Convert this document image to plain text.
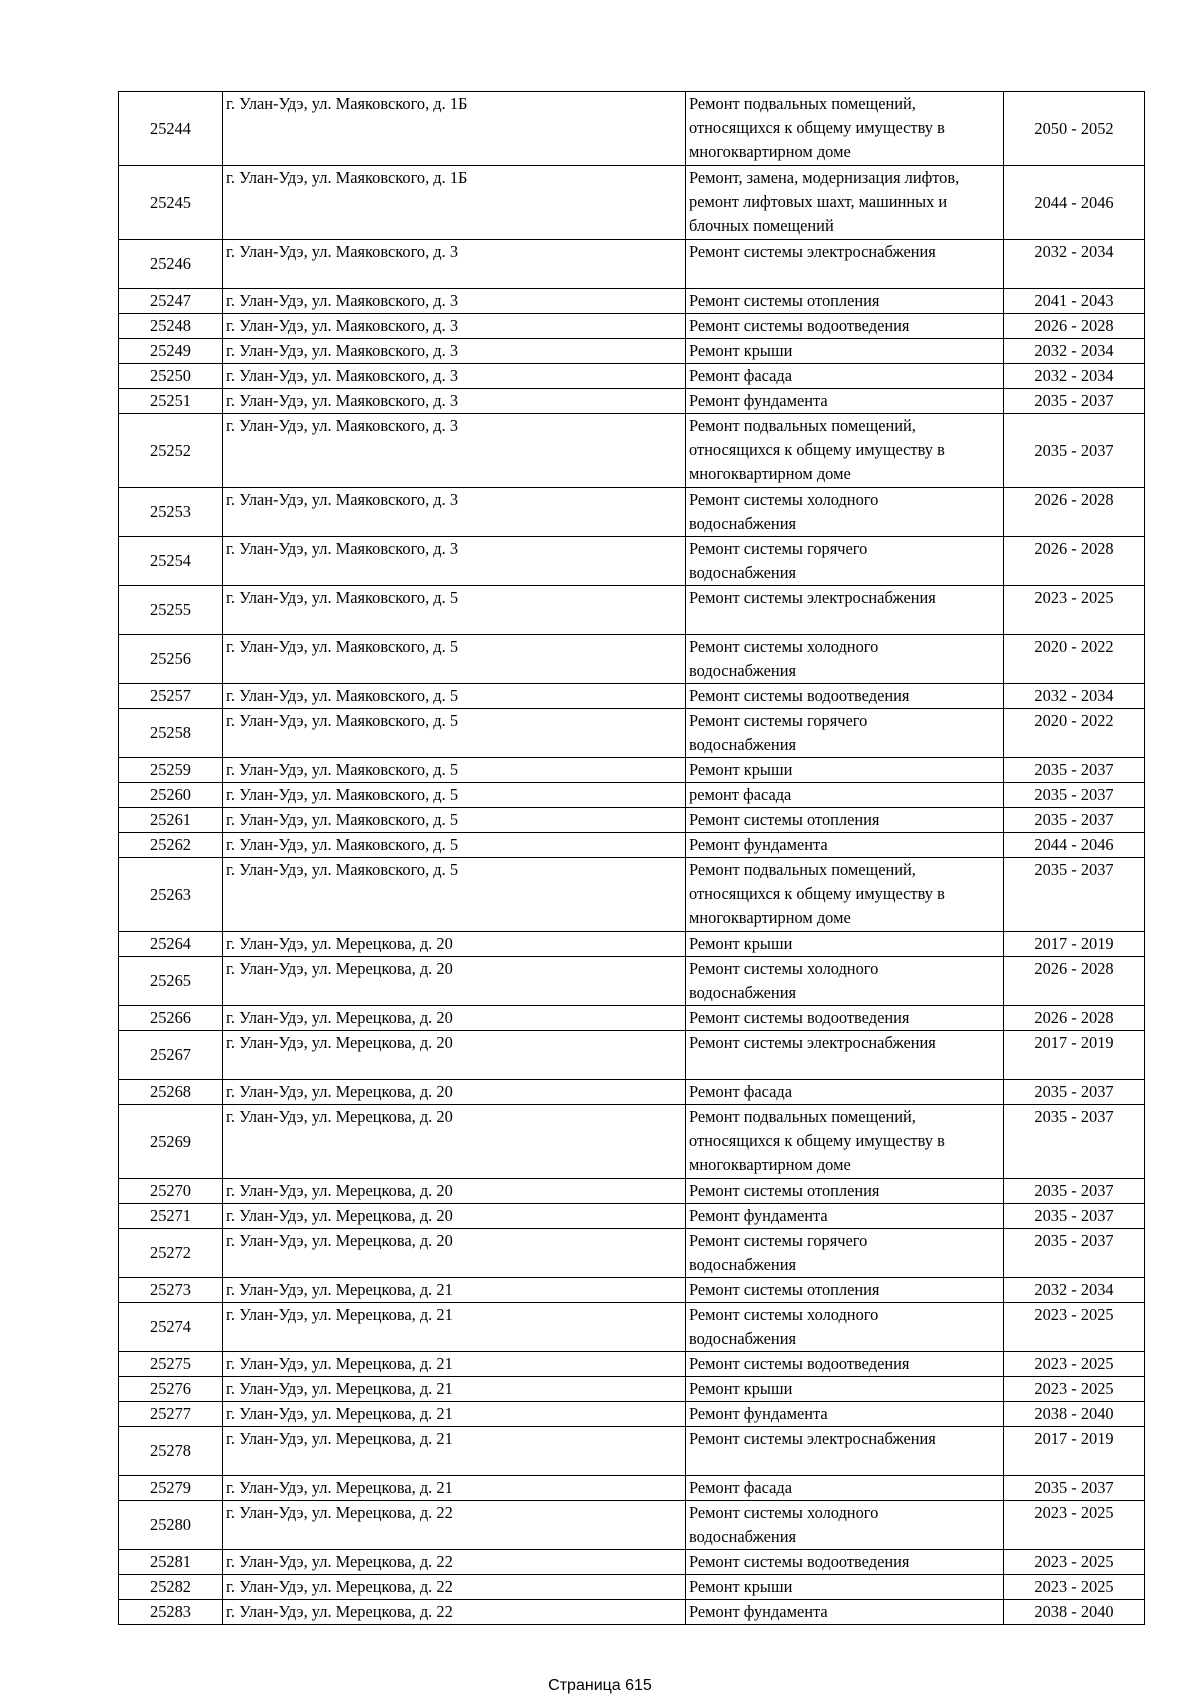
25244	г. Улан-Удэ, ул. Маяковского, д. 1Б	Ремонт подвальных помещений,
относящихся к общему имуществу в
многоквартирном доме	2050 - 2052
25245	г. Улан-Удэ, ул. Маяковского, д. 1Б	Ремонт, замена, модернизация лифтов,
ремонт лифтовых шахт, машинных и
блочных помещений	2044 - 2046
25246	г. Улан-Удэ, ул. Маяковского, д. 3	Ремонт системы электроснабжения	2032 - 2034
25247	г. Улан-Удэ, ул. Маяковского, д. 3	Ремонт системы отопления	2041 - 2043
25248	г. Улан-Удэ, ул. Маяковского, д. 3	Ремонт системы водоотведения	2026 - 2028
25249	г. Улан-Удэ, ул. Маяковского, д. 3	Ремонт крыши	2032 - 2034
25250	г. Улан-Удэ, ул. Маяковского, д. 3	Ремонт фасада	2032 - 2034
25251	г. Улан-Удэ, ул. Маяковского, д. 3	Ремонт фундамента	2035 - 2037
25252	г. Улан-Удэ, ул. Маяковского, д. 3	Ремонт подвальных помещений,
относящихся к общему имуществу в
многоквартирном доме	2035 - 2037
25253	г. Улан-Удэ, ул. Маяковского, д. 3	Ремонт системы холодного
водоснабжения	2026 - 2028
25254	г. Улан-Удэ, ул. Маяковского, д. 3	Ремонт системы горячего
водоснабжения	2026 - 2028
25255	г. Улан-Удэ, ул. Маяковского, д. 5	Ремонт системы электроснабжения	2023 - 2025
25256	г. Улан-Удэ, ул. Маяковского, д. 5	Ремонт системы холодного
водоснабжения	2020 - 2022
25257	г. Улан-Удэ, ул. Маяковского, д. 5	Ремонт системы водоотведения	2032 - 2034
25258	г. Улан-Удэ, ул. Маяковского, д. 5	Ремонт системы горячего
водоснабжения	2020 - 2022
25259	г. Улан-Удэ, ул. Маяковского, д. 5	Ремонт крыши	2035 - 2037
25260	г. Улан-Удэ, ул. Маяковского, д. 5	ремонт фасада	2035 - 2037
25261	г. Улан-Удэ, ул. Маяковского, д. 5	Ремонт системы отопления	2035 - 2037
25262	г. Улан-Удэ, ул. Маяковского, д. 5	Ремонт фундамента	2044 - 2046
25263	г. Улан-Удэ, ул. Маяковского, д. 5	Ремонт подвальных помещений,
относящихся к общему имуществу в
многоквартирном доме	2035 - 2037
25264	г. Улан-Удэ, ул. Мерецкова, д. 20	Ремонт крыши	2017 - 2019
25265	г. Улан-Удэ, ул. Мерецкова, д. 20	Ремонт системы холодного
водоснабжения	2026 - 2028
25266	г. Улан-Удэ, ул. Мерецкова, д. 20	Ремонт системы водоотведения	2026 - 2028
25267	г. Улан-Удэ, ул. Мерецкова, д. 20	Ремонт системы электроснабжения	2017 - 2019
25268	г. Улан-Удэ, ул. Мерецкова, д. 20	Ремонт фасада	2035 - 2037
25269	г. Улан-Удэ, ул. Мерецкова, д. 20	Ремонт подвальных помещений,
относящихся к общему имуществу в
многоквартирном доме	2035 - 2037
25270	г. Улан-Удэ, ул. Мерецкова, д. 20	Ремонт системы отопления	2035 - 2037
25271	г. Улан-Удэ, ул. Мерецкова, д. 20	Ремонт фундамента	2035 - 2037
25272	г. Улан-Удэ, ул. Мерецкова, д. 20	Ремонт системы горячего
водоснабжения	2035 - 2037
25273	г. Улан-Удэ, ул. Мерецкова, д. 21	Ремонт системы отопления	2032 - 2034
25274	г. Улан-Удэ, ул. Мерецкова, д. 21	Ремонт системы холодного
водоснабжения	2023 - 2025
25275	г. Улан-Удэ, ул. Мерецкова, д. 21	Ремонт системы водоотведения	2023 - 2025
25276	г. Улан-Удэ, ул. Мерецкова, д. 21	Ремонт крыши	2023 - 2025
25277	г. Улан-Удэ, ул. Мерецкова, д. 21	Ремонт фундамента	2038 - 2040
25278	г. Улан-Удэ, ул. Мерецкова, д. 21	Ремонт системы электроснабжения	2017 - 2019
25279	г. Улан-Удэ, ул. Мерецкова, д. 21	Ремонт фасада	2035 - 2037
25280	г. Улан-Удэ, ул. Мерецкова, д. 22	Ремонт системы холодного
водоснабжения	2023 - 2025
25281	г. Улан-Удэ, ул. Мерецкова, д. 22	Ремонт системы водоотведения	2023 - 2025
25282	г. Улан-Удэ, ул. Мерецкова, д. 22	Ремонт крыши	2023 - 2025
25283	г. Улан-Удэ, ул. Мерецкова, д. 22	Ремонт фундамента	2038 - 2040
Страница 615
